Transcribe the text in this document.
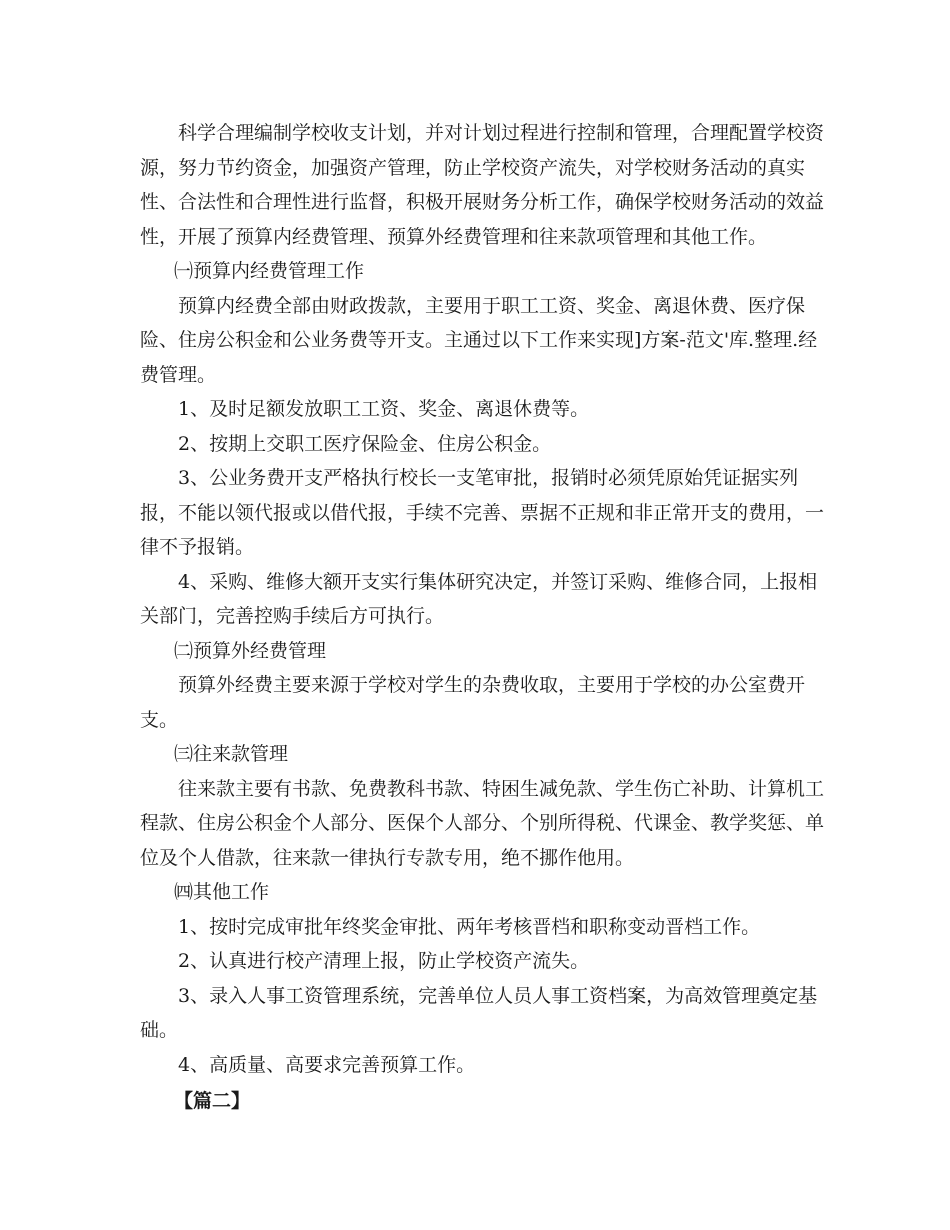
科学合理编制学校收支计划，并对计划过程进行控制和管理，合理配置学校资源，努力节约资金，加强资产管理，防止学校资产流失，对学校财务活动的真实性、合法性和合理性进行监督，积极开展财务分析工作，确保学校财务活动的效益性，开展了预算内经费管理、预算外经费管理和往来款项管理和其他工作。

㈠预算内经费管理工作

预算内经费全部由财政拨款，主要用于职工工资、奖金、离退休费、医疗保险、住房公积金和公业务费等开支。主通过以下工作来实现]方案-范文'库.整理.经费管理。

1、及时足额发放职工工资、奖金、离退休费等。

2、按期上交职工医疗保险金、住房公积金。

3、公业务费开支严格执行校长一支笔审批，报销时必须凭原始凭证据实列报，不能以领代报或以借代报，手续不完善、票据不正规和非正常开支的费用，一律不予报销。

4、采购、维修大额开支实行集体研究决定，并签订采购、维修合同，上报相关部门，完善控购手续后方可执行。

㈡预算外经费管理

预算外经费主要来源于学校对学生的杂费收取，主要用于学校的办公室费开支。

㈢往来款管理

往来款主要有书款、免费教科书款、特困生减免款、学生伤亡补助、计算机工程款、住房公积金个人部分、医保个人部分、个别所得税、代课金、教学奖惩、单位及个人借款，往来款一律执行专款专用，绝不挪作他用。

㈣其他工作

1、按时完成审批年终奖金审批、两年考核晋档和职称变动晋档工作。

2、认真进行校产清理上报，防止学校资产流失。

3、录入人事工资管理系统，完善单位人员人事工资档案，为高效管理奠定基础。

4、高质量、高要求完善预算工作。

【篇二】
